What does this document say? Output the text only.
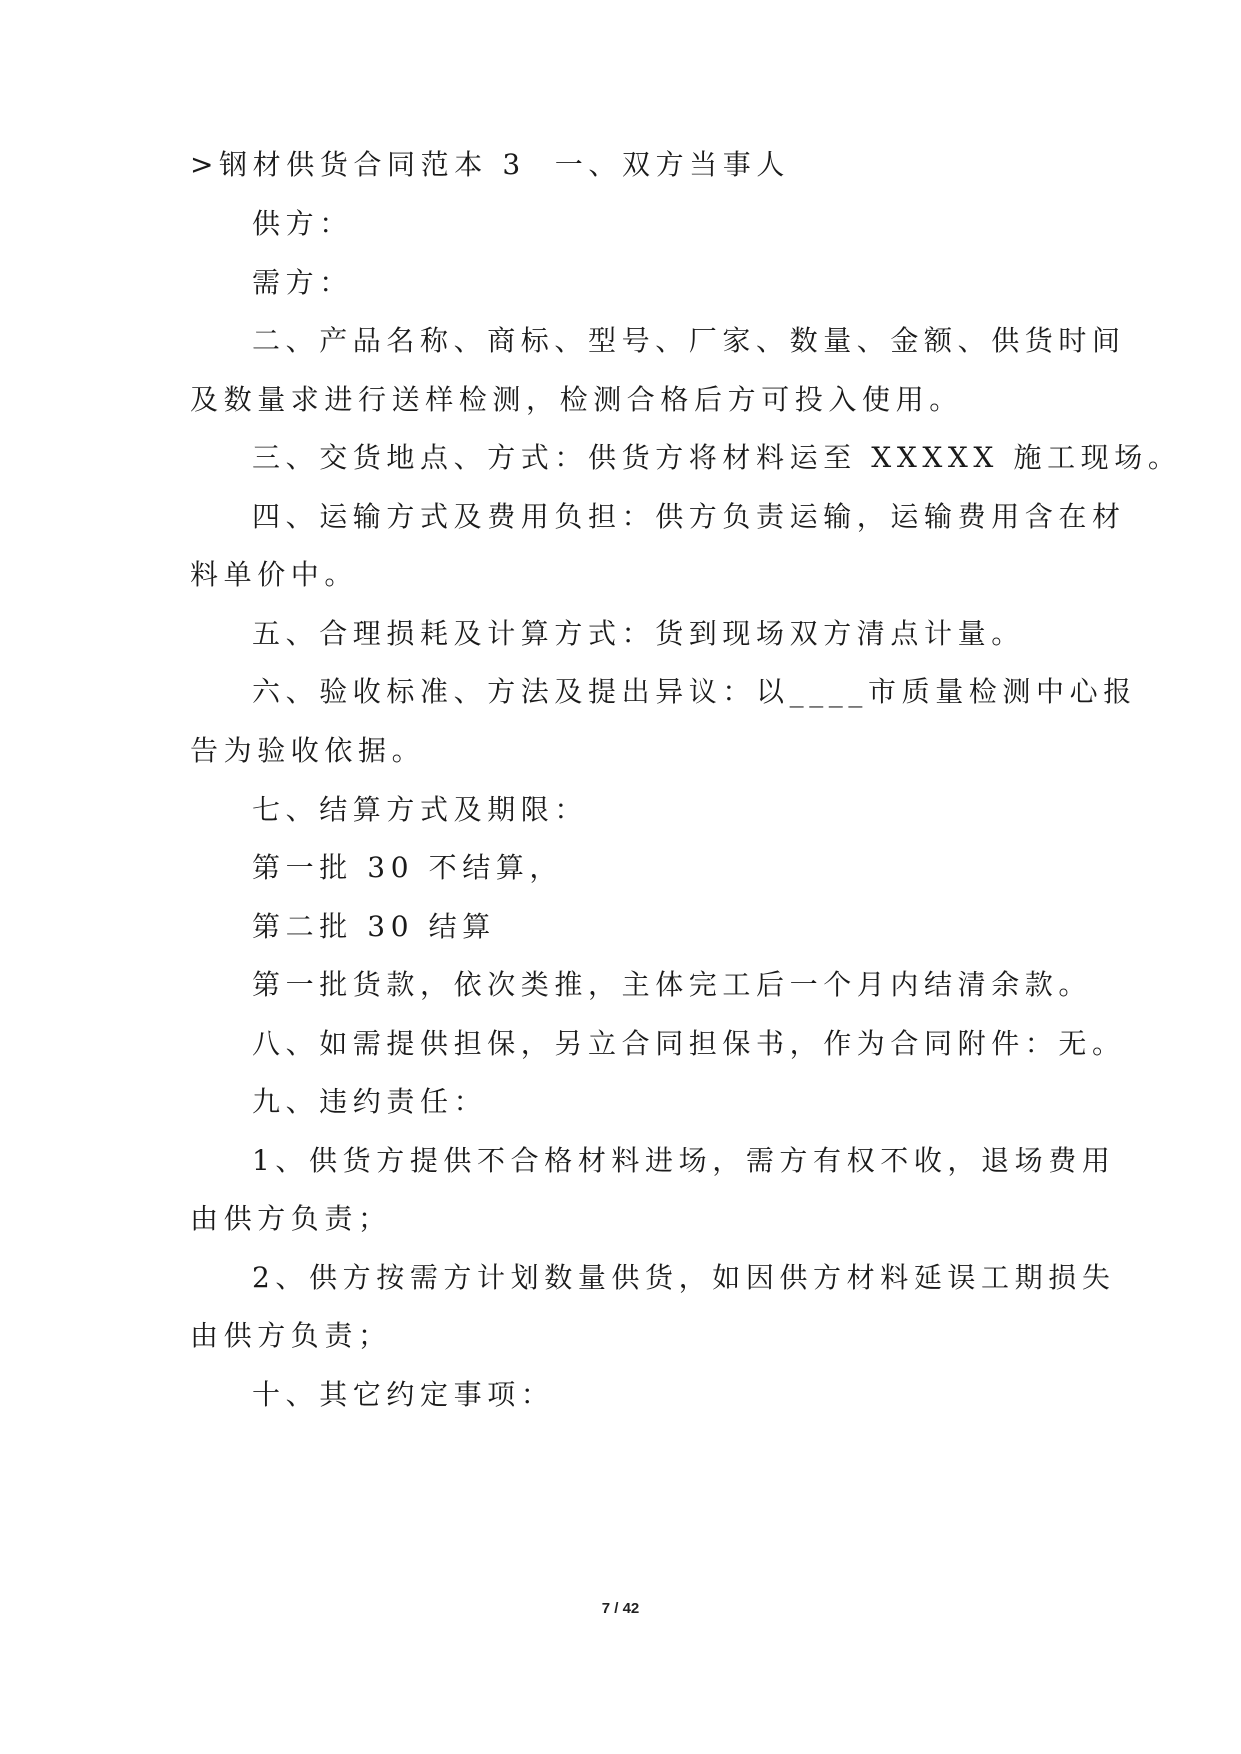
>钢材供货合同范本 3  一、双方当事人
供方：
需方：
二、产品名称、商标、型号、厂家、数量、金额、供货时间
及数量求进行送样检测，检测合格后方可投入使用。
三、交货地点、方式：供货方将材料运至 XXXXX 施工现场。
四、运输方式及费用负担：供方负责运输，运输费用含在材
料单价中。
五、合理损耗及计算方式：货到现场双方清点计量。
六、验收标准、方法及提出异议：以____市质量检测中心报
告为验收依据。
七、结算方式及期限：
第一批 30 不结算，
第二批 30 结算
第一批货款，依次类推，主体完工后一个月内结清余款。
八、如需提供担保，另立合同担保书，作为合同附件：无。
九、违约责任：
1、供货方提供不合格材料进场，需方有权不收，退场费用
由供方负责；
2、供方按需方计划数量供货，如因供方材料延误工期损失
由供方负责；
十、其它约定事项：
7 / 42
